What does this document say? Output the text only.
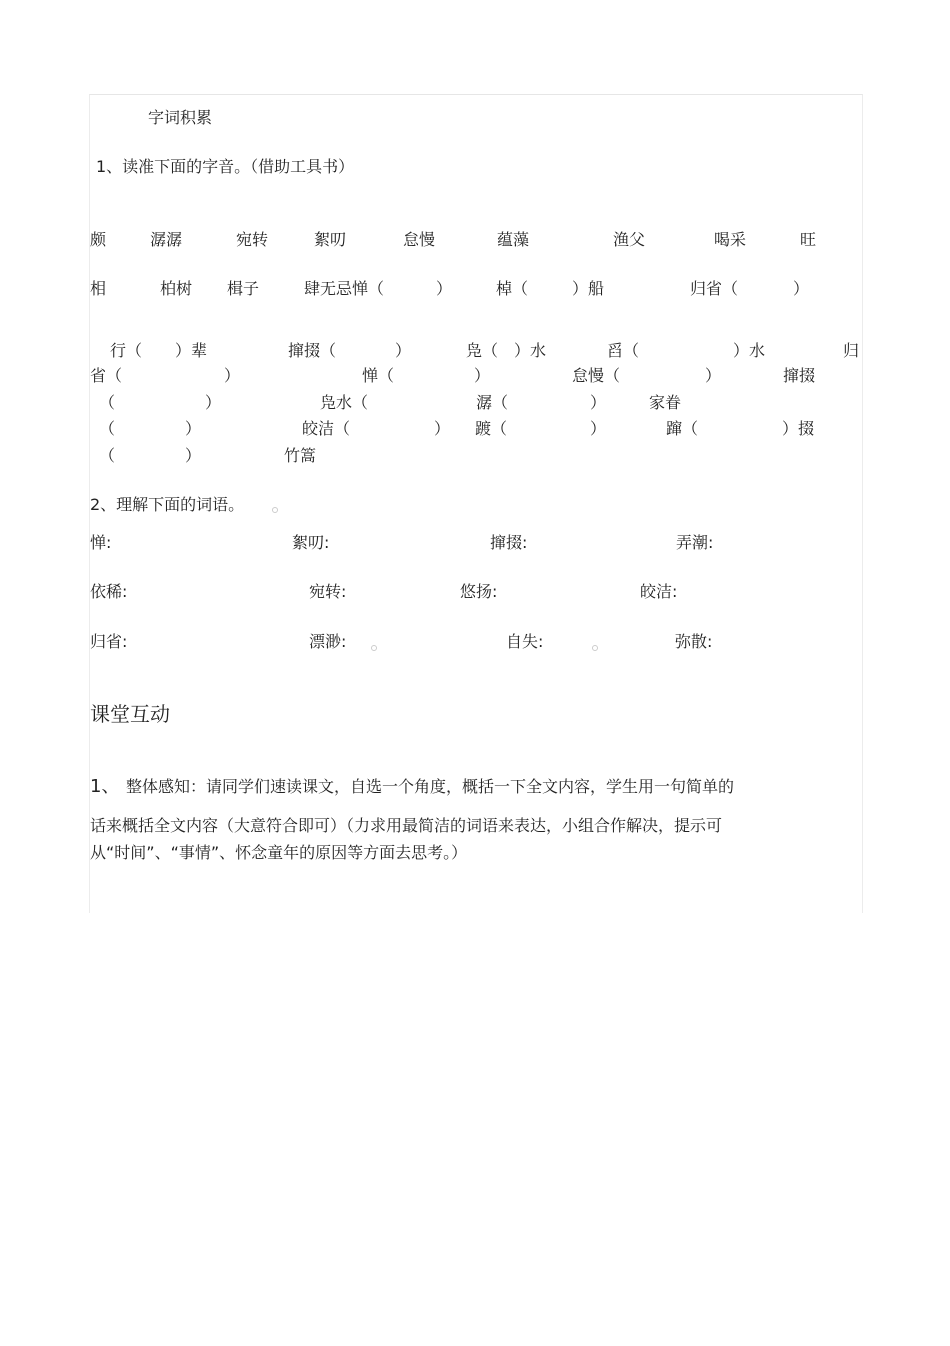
字词积累
1、读准下面的字音。（借助工具书）
颇	潺潺	宛转	絮叨	怠慢	蕴藻	渔父	喝采	旺
相	柏树 楫子	肆无忌惮（	）	棹（	）船	归省（	）
行（ ）辈	撺掇（	）	凫（ ）水	舀（	）水	归
省（	）	惮（	）	怠慢（	）	撺掇
（	）	凫水（	潺（	）	家眷
（	）	皎洁（	） 踱（	）	蹿（	）掇
（	）	竹篙
2、理解下面的词语。
惮:	絮叨:	撺掇:	弄潮:
依稀:	宛转:	悠扬:	皎洁:
归省:	漂渺:	自失:	弥散:
课堂互动
1、 整体感知：请同学们速读课文，自选一个角度，概括一下全文内容，学生用一句简单的
话来概括全文内容（大意符合即可）（力求用最简洁的词语来表达，小组合作解决，提示可
从“时间”、“事情”、怀念童年的原因等方面去思考。）
